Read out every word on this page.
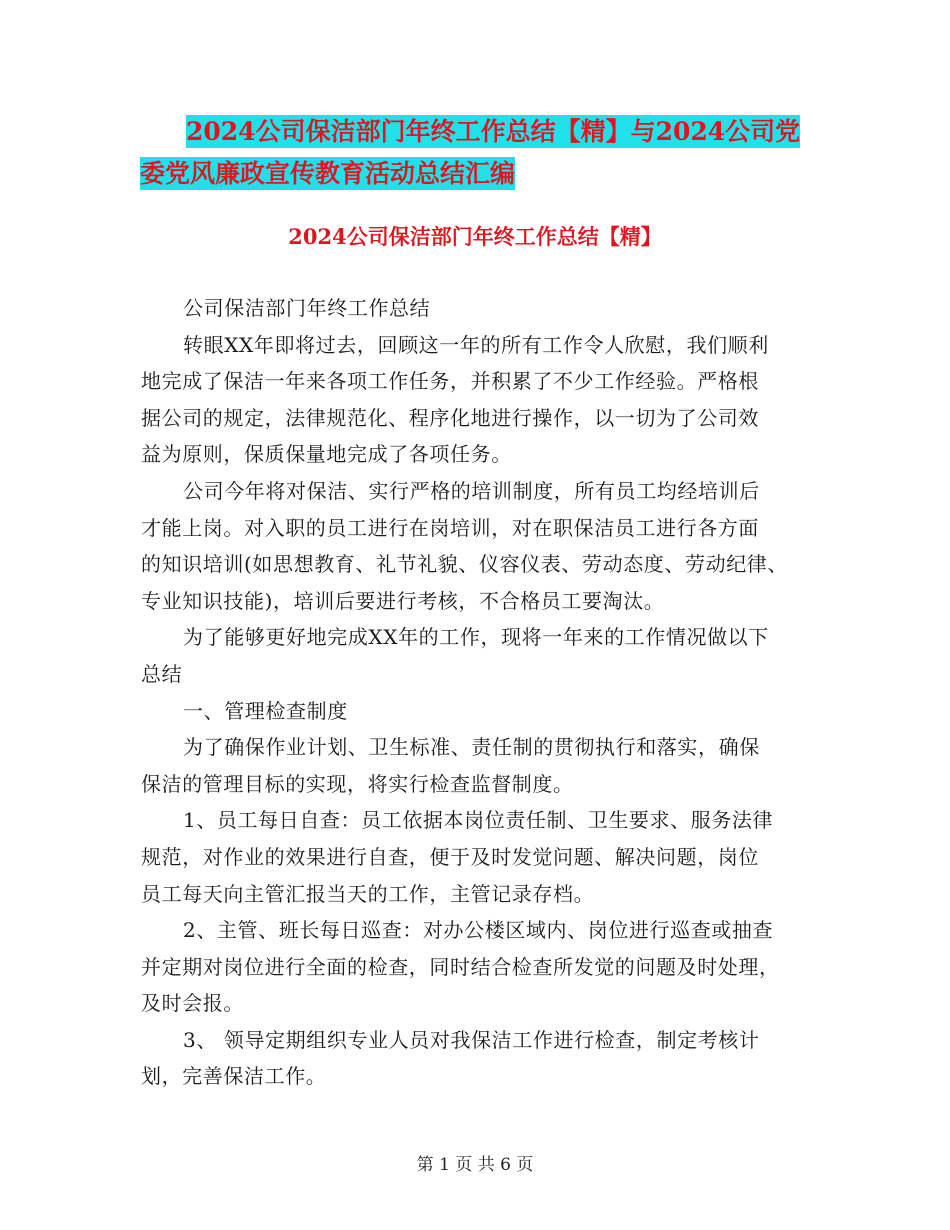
2024公司保洁部门年终工作总结【精】与2024公司党
委党风廉政宣传教育活动总结汇编
2024公司保洁部门年终工作总结【精】
公司保洁部门年终工作总结
转眼XX年即将过去，回顾这一年的所有工作令人欣慰，我们顺利
地完成了保洁一年来各项工作任务，并积累了不少工作经验。严格根
据公司的规定，法律规范化、程序化地进行操作，以一切为了公司效
益为原则，保质保量地完成了各项任务。
公司今年将对保洁、实行严格的培训制度，所有员工均经培训后
才能上岗。对入职的员工进行在岗培训，对在职保洁员工进行各方面
的知识培训(如思想教育、礼节礼貌、仪容仪表、劳动态度、劳动纪律、
专业知识技能)，培训后要进行考核，不合格员工要淘汰。
为了能够更好地完成XX年的工作，现将一年来的工作情况做以下
总结
一、管理检查制度
为了确保作业计划、卫生标准、责任制的贯彻执行和落实，确保
保洁的管理目标的实现，将实行检查监督制度。
1、员工每日自查：员工依据本岗位责任制、卫生要求、服务法律
规范，对作业的效果进行自查，便于及时发觉问题、解决问题，岗位
员工每天向主管汇报当天的工作，主管记录存档。
2、主管、班长每日巡查：对办公楼区域内、岗位进行巡查或抽查
并定期对岗位进行全面的检查，同时结合检查所发觉的问题及时处理，
及时会报。
3、 领导定期组织专业人员对我保洁工作进行检查，制定考核计
划，完善保洁工作。
第 1 页 共 6 页
